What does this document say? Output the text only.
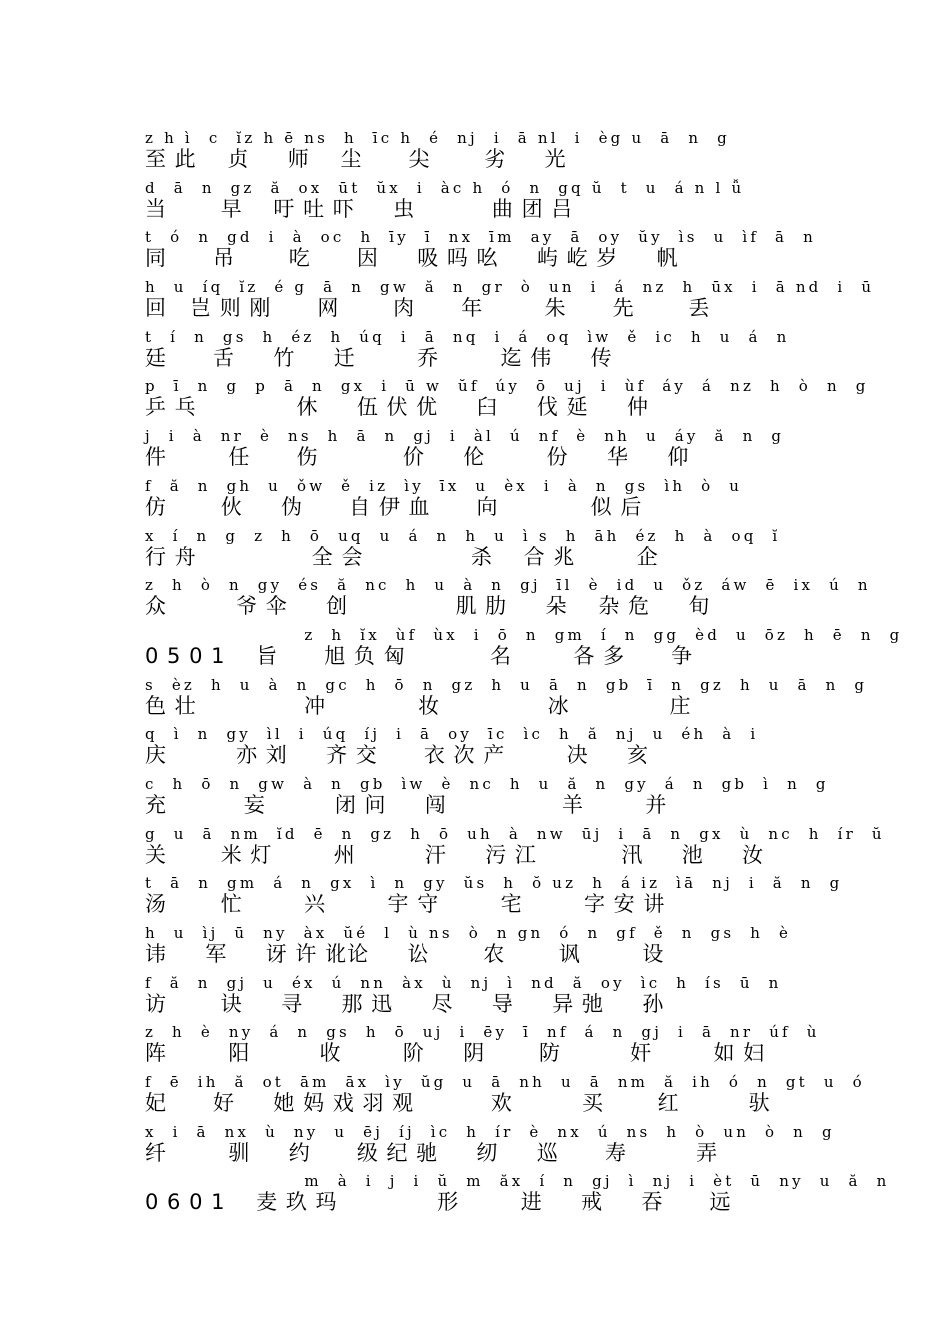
z h ì  c  ĭz h ē ns  h  īc h  é  nj  i  ā nl  i  èg u  ā  n  g
至 此    贞     师    尘      尖       劣     光
d  ā  n  gz  ă  ox  ūt  ŭx  i  àc h  ó  n  gq ŭ  t  u  á n l ǚ
当       早    吁 吐 吓     虫          曲 团 吕
t  ó  n  gd  i  à  oc  h  īy  ī  nx  īm  ay  ā  oy  ŭy  ìs  u  ìf  ā  n
同      吊       吃      因     吸 吗 吆     屿 屹 岁     帆
h  u  íq  ĭz  é g  ā  n  gw  ă  n  gr  ò  un  i  á  nz  h  ūx  i  ā nd  i  ū
回   岂 则 刚      网       肉      年        朱      先       丢
t  í  n  gs  h  éz  h  úq  i  ā  nq  i  á  oq  ìw  ě  ic  h  u  á  n
廷      舌     竹     迁        乔        迄 伟     传
p  ī  n  g  p  ā  n  gx  i  ū w  ŭf  úy  ō  uj  i  ùf  áy  á  nz  h  ò  n  g
乒 乓             休     伍 伏 优     臼     伐 延     仲
j  i  à  nr  è  ns  h  ā  n  gj  i  àl  ú  nf  è  nh  u  áy  ă  n  g
件        任      伤           价     伦        份     华     仰
f  ă  n  gh  u  ǒw  ě  iz  ìy  īx  u  èx  i  à  n  gs  ìh  ò  u
仿       伙     伪      自 伊 血      向            似 后
x  í  n  g  z  h  ō  uq  u  á  n  h  u  ì s  h  āh  éz  h  à  oq  ĭ
行 舟               全 会              杀    合 兆        企
z  h  ò  n  gy  és  ă  nc  h  u  à  n  gj  īl  è  id  u  ǒz  áw  ē  ix  ú  n
众         爷 伞     创              肌 肋     朵    杂 危     旬
z  h  ĭx  ùf  ùx  i  ō  n  gm  í  n  gg  èd  u  ōz  h  ē  n  g
0 5 0 1    旨      旭 负 匈           名        各 多      争
s  èz  h  u  à  n  gc  h  ō  n  gz  h  u  ā  n  gb  ī  n  gz  h  u  ā  n  g
色 壮              冲            妆              冰             庄
q  ì  n  gy  ìl  i  úq  íj  i  ā  oy  īc  ìc  h  ă  nj  u  éh  à  i
庆         亦 刘     齐 交      衣 次 产        决     亥
c  h  ō  n  gw  à  n  gb  ìw  è  nc  h  u  ă  n  gy  á  n  gb  ì  n  g
充          妄         闭 问     闯               羊        并
g  u  ā  nm  ĭd  ē  n  gz  h  ō  uh  à  nw  ūj  i  ā  n  gx  ù  nc  h  ír  ŭ
关       米 灯        州         汗     污 江           汛     池     汝
t  ā  n  gm  á  n  gx  ì  n  gy  ŭs  h  ŏ uz  h  á iz  ìā  nj  i  ă  n  g
汤       忙        兴        宇 守        宅        字 安 讲
h  u  ìj  ū  ny  àx  ŭé  l  ù ns  ò  n gn  ó  n  gf  ě  n  gs  h  è
讳     军     讶 许 讹论     讼       农       讽        设
f  ă  n  gj  u  éx  ú  nn  àx  ù  nj  ì  nd  ă  oy  ìc  h  ís  ū  n
访       诀     寻     那 迅     尽     导     异 弛     孙
z  h  è  ny  á  n  gs  h  ō  uj  i  ēy  ī  nf  á  n  gj  i  ā  nr  úf  ù
阵        阳         收        阶     阴       防         奸        如 妇
f  ē  ih  ă  ot  ām  āx  ìy  ŭg  u  ā  nh  u  ā  nm  ă  ih  ó  n  gt  u  ó
妃      好     她 妈 戏 羽 观          欢         买       红         驮
x  i  ā  nx  ù  ny  u  ēj  íj  ìc  h  ír  è  nx  ú  ns  h  ò  un  ò  n  g
纤        驯     约      级 纪 驰     纫     巡      寿         弄
m  à  i  j  i  ŭ  m  ăx  í  n  gj  ì  nj  i  èt  ū  ny  u  ă  n
0 6 0 1    麦 玖 玛             形        进     戒     吞      远
